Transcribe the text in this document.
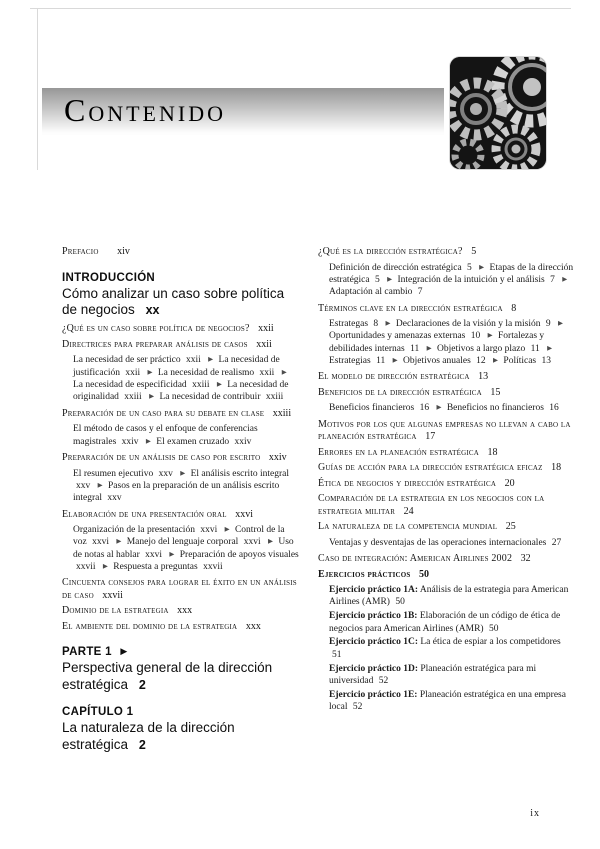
CONTENIDO
Prefacio xiv
INTRODUCCIÓN
Cómo analizar un caso sobre política de negocios xx
¿Qué es un caso sobre política de negocios? xxii
Directrices para preparar análisis de casos xxii
La necesidad de ser práctico xxii ▶ La necesidad de justificación xxii ▶ La necesidad de realismo xxii ▶ La necesidad de especificidad xxiii ▶ La necesidad de originalidad xxiii ▶ La necesidad de contribuir xxiii
Preparación de un caso para su debate en clase xxiii
El método de casos y el enfoque de conferencias magistrales xxiv ▶ El examen cruzado xxiv
Preparación de un análisis de caso por escrito xxiv
El resumen ejecutivo xxv ▶ El análisis escrito integral xxv ▶ Pasos en la preparación de un análisis escrito integral xxv
Elaboración de una presentación oral xxvi
Organización de la presentación xxvi ▶ Control de la voz xxvi ▶ Manejo del lenguaje corporal xxvi ▶ Uso de notas al hablar xxvi ▶ Preparación de apoyos visuales xxvii ▶ Respuesta a preguntas xxvii
Cincuenta consejos para lograr el éxito en un análisis de caso xxvii
Dominio de la estrategia xxx
El ambiente del dominio de la estrategia xxx
PARTE 1 ▶
Perspectiva general de la dirección estratégica 2
CAPÍTULO 1
La naturaleza de la dirección estratégica 2
¿Qué es la dirección estratégica? 5
Definición de dirección estratégica 5 ▶ Etapas de la dirección estratégica 5 ▶ Integración de la intuición y el análisis 7 ▶ Adaptación al cambio 7
Términos clave en la dirección estratégica 8
Estrategas 8 ▶ Declaraciones de la visión y la misión 9 ▶ Oportunidades y amenazas externas 10 ▶ Fortalezas y debilidades internas 11 ▶ Objetivos a largo plazo 11 ▶ Estrategias 11 ▶ Objetivos anuales 12 ▶ Políticas 13
El modelo de dirección estratégica 13
Beneficios de la dirección estratégica 15
Beneficios financieros 16 ▶ Beneficios no financieros 16
Motivos por los que algunas empresas no llevan a cabo la planeación estratégica 17
Errores en la planeación estratégica 18
Guías de acción para la dirección estratégica eficaz 18
Ética de negocios y dirección estratégica 20
Comparación de la estrategia en los negocios con la estrategia militar 24
La naturaleza de la competencia mundial 25
Ventajas y desventajas de las operaciones internacionales 27
Caso de integración: American Airlines 2002 32
Ejercicios prácticos 50
Ejercicio práctico 1A: Análisis de la estrategia para American Airlines (AMR) 50
Ejercicio práctico 1B: Elaboración de un código de ética de negocios para American Airlines (AMR) 50
Ejercicio práctico 1C: La ética de espiar a los competidores 51
Ejercicio práctico 1D: Planeación estratégica para mi universidad 52
Ejercicio práctico 1E: Planeación estratégica en una empresa local 52
ix
